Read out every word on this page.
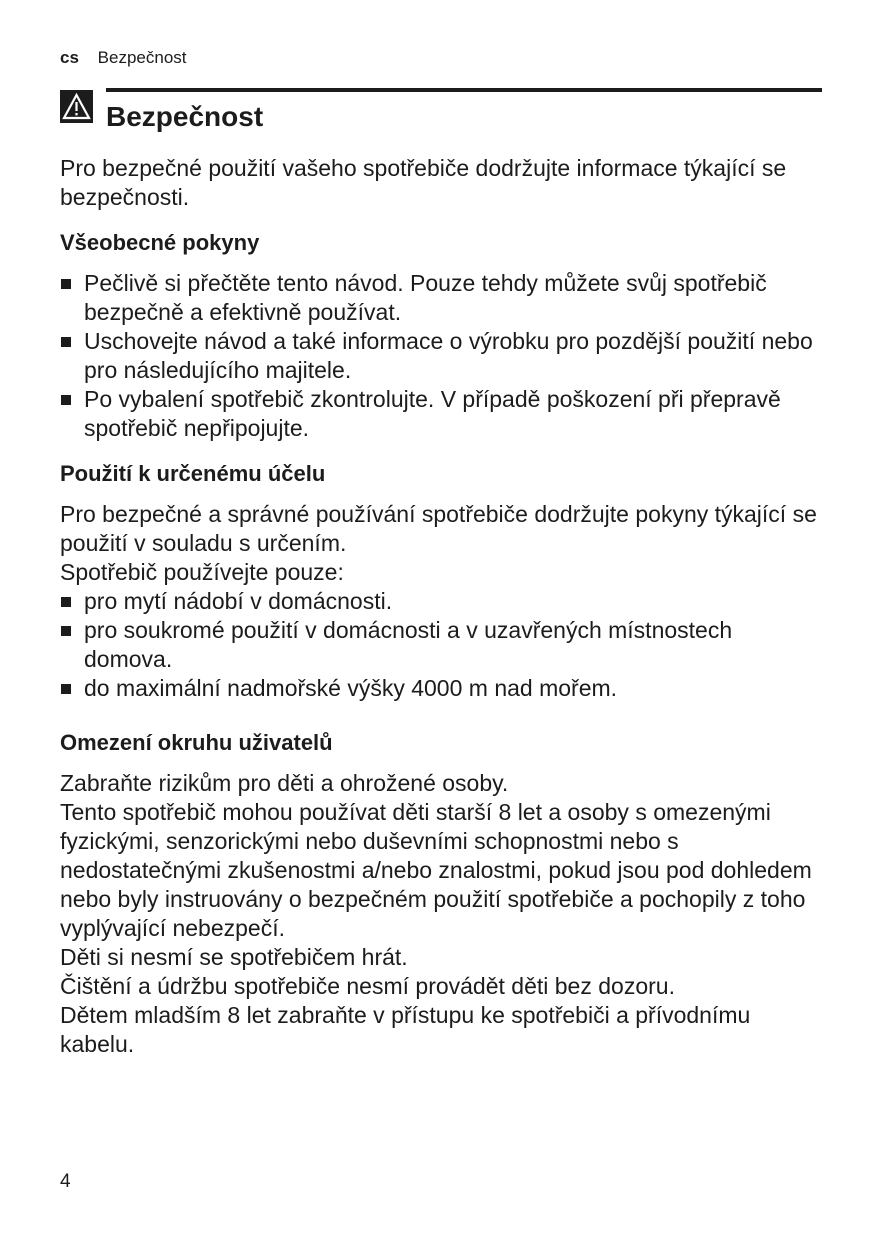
cs Bezpečnost
Bezpečnost

Pro bezpečné použití vašeho spotřebiče dodržujte informace týkající se bezpečnosti.

Všeobecné pokyny

Pečlivě si přečtěte tento návod. Pouze tehdy můžete svůj spotřebič bezpečně a efektivně používat.
Uschovejte návod a také informace o výrobku pro pozdější použití nebo pro následujícího majitele.
Po vybalení spotřebič zkontrolujte. V případě poškození při přepravě spotřebič nepřipojujte.

Použití k určenému účelu

Pro bezpečné a správné používání spotřebiče dodržujte pokyny týkající se použití v souladu s určením.

Spotřebič používejte pouze:

pro mytí nádobí v domácnosti.
pro soukromé použití v domácnosti a v uzavřených místnostech domova.
do maximální nadmořské výšky 4000 m nad mořem.

Omezení okruhu uživatelů

Zabraňte rizikům pro děti a ohrožené osoby.

Tento spotřebič mohou používat děti starší 8 let a osoby s omezenými fyzickými, senzorickými nebo duševními schopnostmi nebo s nedostatečnými zkušenostmi a/nebo znalostmi, pokud jsou pod dohledem nebo byly instruovány o bezpečném použití spotřebiče a pochopily z toho vyplývající nebezpečí.

Děti si nesmí se spotřebičem hrát.

Čištění a údržbu spotřebiče nesmí provádět děti bez dozoru.

Dětem mladším 8 let zabraňte v přístupu ke spotřebiči a přívodnímu kabelu.

4
